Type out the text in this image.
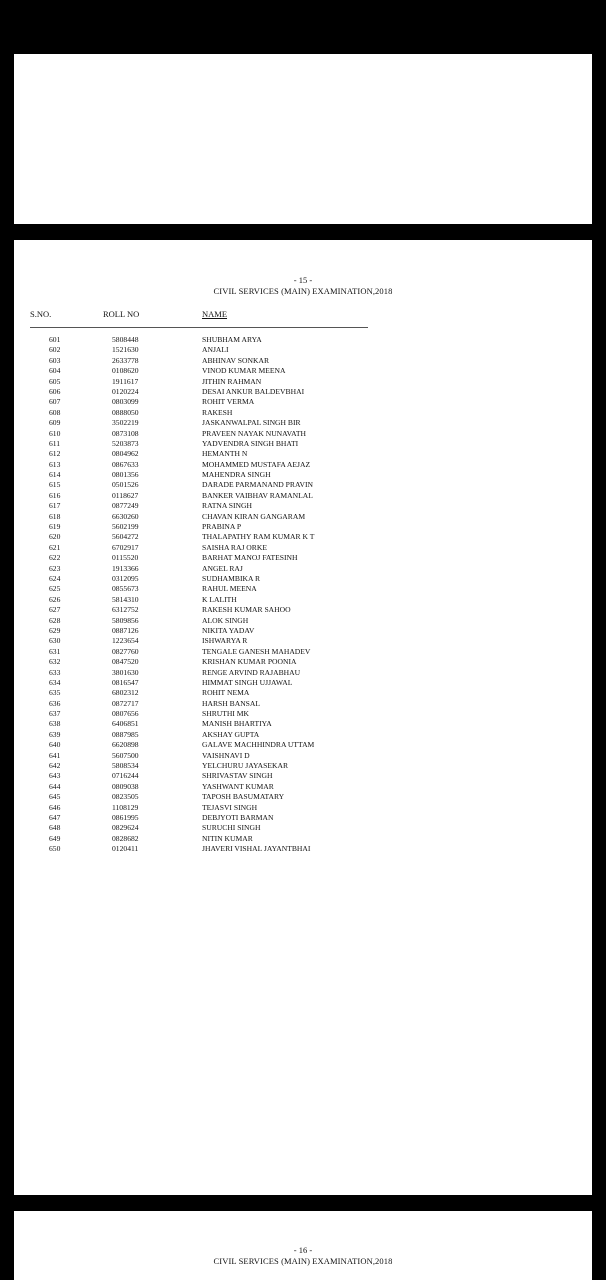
- 15 -
CIVIL SERVICES (MAIN) EXAMINATION,2018
S.NO.	ROLL NO	NAME
601	5808448	SHUBHAM ARYA
602	1521630	ANJALI
603	2633778	ABHINAV SONKAR
604	0108620	VINOD KUMAR MEENA
605	1911617	JITHIN RAHMAN
606	0120224	DESAI ANKUR BALDEVBHAI
607	0803099	ROHIT VERMA
608	0888050	RAKESH
609	3502219	JASKANWALPAL SINGH BIR
610	0873108	PRAVEEN NAYAK NUNAVATH
611	5203873	YADVENDRA SINGH BHATI
612	0804962	HEMANTH N
613	0867633	MOHAMMED MUSTAFA AEJAZ
614	0801356	MAHENDRA SINGH
615	0501526	DARADE PARMANAND PRAVIN
616	0118627	BANKER VAIBHAV RAMANLAL
617	0877249	RATNA SINGH
618	6630260	CHAVAN KIRAN GANGARAM
619	5602199	PRABINA P
620	5604272	THALAPATHY RAM KUMAR K T
621	6702917	SAISHA RAJ ORKE
622	0115520	BARHAT MANOJ FATESINH
623	1913366	ANGEL RAJ
624	0312095	SUDHAMBIKA R
625	0855673	RAHUL MEENA
626	5814310	K LALITH
627	6312752	RAKESH KUMAR SAHOO
628	5809856	ALOK SINGH
629	0887126	NIKITA YADAV
630	1223654	ISHWARYA R
631	0827760	TENGALE GANESH MAHADEV
632	0847520	KRISHAN KUMAR POONIA
633	3801630	RENGE ARVIND RAJABHAU
634	0816547	HIMMAT SINGH UJJAWAL
635	6802312	ROHIT NEMA
636	0872717	HARSH BANSAL
637	0807656	SHRUTHI MK
638	6406851	MANISH BHARTIYA
639	0887985	AKSHAY GUPTA
640	6620898	GALAVE MACHHINDRA UTTAM
641	5607500	VAISHNAVI D
642	5808534	YELCHURU JAYASEKAR
643	0716244	SHRIVASTAV SINGH
644	0809038	YASHWANT KUMAR
645	0823505	TAPOSH BASUMATARY
646	1108129	TEJASVI SINGH
647	0861995	DEBJYOTI BARMAN
648	0829624	SURUCHI SINGH
649	0828682	NITIN KUMAR
650	0120411	JHAVERI VISHAL JAYANTBHAI
- 16 -
CIVIL SERVICES (MAIN) EXAMINATION,2018
